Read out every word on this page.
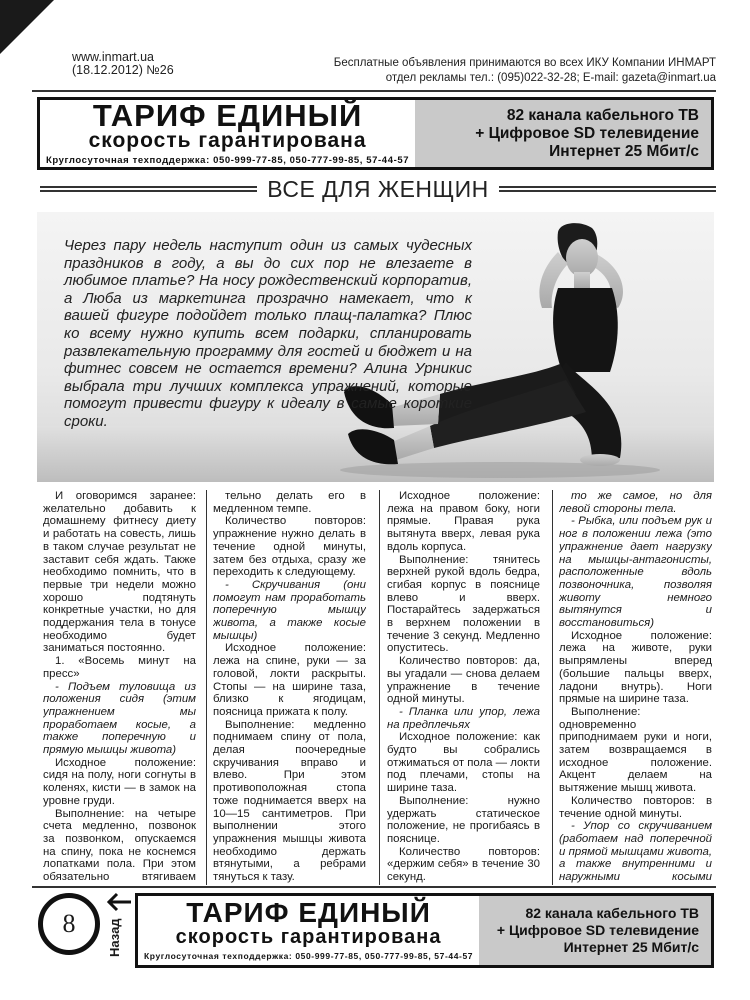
www.inmart.ua
(18.12.2012) №26	Бесплатные объявления принимаются во всех ИКУ Компании ИНМАРТ
отдел рекламы тел.: (095)022-32-28; E-mail: gazeta@inmart.ua
ТАРИФ ЕДИНЫЙ
скорость гарантирована
Круглосуточная техподдержка: 050-999-77-85, 050-777-99-85, 57-44-57
82 канала кабельного ТВ
+ Цифровое SD телевидение
Интернет 25 Мбит/с
ВСЕ ДЛЯ ЖЕНЩИН
Через пару недель наступит один из самых чудесных праздников в году, а вы до сих пор не влезаете в любимое платье? На носу рождественский корпоратив, а Люба из маркетинга прозрачно намекает, что к вашей фигуре подойдет только плащ-палатка? Плюс ко всему нужно купить всем подарки, спланировать развлекательную программу для гостей и бюджет и на фитнес совсем не остается времени? Алина Урникис выбрала три лучших комплекса упражнений, которые помогут привести фигуру к идеалу в самые короткие сроки.

И оговоримся заранее: желательно добавить к домашнему фитнесу диету и работать на совесть, лишь в таком случае результат не заставит себя ждать. Также необходимо помнить, что в первые три недели можно хорошо подтянуть конкретные участки, но для поддержания тела в тонусе необходимо будет заниматься постоянно.

1. «Восемь минут на пресс»

- Подъем туловища из положения сидя (этим упражнением мы проработаем косые, а также поперечную и прямую мышцы живота)

Исходное положение: сидя на полу, ноги согнуты в коленях, кисти — в замок на уровне груди.

Выполнение: на четыре счета медленно, позвонок за позвонком, опускаемся на спину, пока не коснемся лопатками пола. При этом обязательно втягиваем

тельно делать его в медленном темпе.

Количество повторов: упражнение нужно делать в течение одной минуты, затем без отдыха, сразу же переходить к следующему.

- Скручивания (они помогут нам проработать поперечную мышцу живота, а также косые мышцы)

Исходное положение: лежа на спине, руки — за головой, локти раскрыты. Стопы — на ширине таза, близко к ягодицам, поясница прижата к полу.

Выполнение: медленно поднимаем спину от пола, делая поочередные скручивания вправо и влево. При этом противоположная стопа тоже поднимается вверх на 10—15 сантиметров. При выполнении этого упражнения мышцы живота необходимо держать втянутыми, а ребрами тянуться к тазу.

Исходное положение: лежа на правом боку, ноги прямые. Правая рука вытянута вверх, левая рука вдоль корпуса.

Выполнение: тянитесь верхней рукой вдоль бедра, сгибая корпус в пояснице влево и вверх. Постарайтесь задержаться в верхнем положении в течение 3 секунд. Медленно опуститесь.

Количество повторов: да, вы угадали — снова делаем упражнение в течение одной минуты.

- Планка или упор, лежа на предплечьях

Исходное положение: как будто вы собрались отжиматься от пола — локти под плечами, стопы на ширине таза.

Выполнение: нужно удержать статическое положение, не прогибаясь в пояснице.

Количество повторов: «держим себя» в течение 30 секунд.

то же самое, но для левой стороны тела.

- Рыбка, или подъем рук и ног в положении лежа (это упражнение дает нагрузку на мышцы-антагонисты, расположенные вдоль позвоночника, позволяя животу немного вытянутся и восстановиться)

Исходное положение: лежа на животе, руки выпрямлены вперед (большие пальцы вверх, ладони внутрь). Ноги прямые на ширине таза.

Выполнение: одновременно приподнимаем руки и ноги, затем возвращаемся в исходное положение. Акцент делаем на вытяжение мышц живота.

Количество повторов: в течение одной минуты.

- Упор со скручиванием (работаем над поперечной и прямой мышцами живота, а также внутренними и наружными косыми

8	Назад
ТАРИФ ЕДИНЫЙ
скорость гарантирована
Круглосуточная техподдержка: 050-999-77-85, 050-777-99-85, 57-44-57
82 канала кабельного ТВ
+ Цифровое SD телевидение
Интернет 25 Мбит/с
